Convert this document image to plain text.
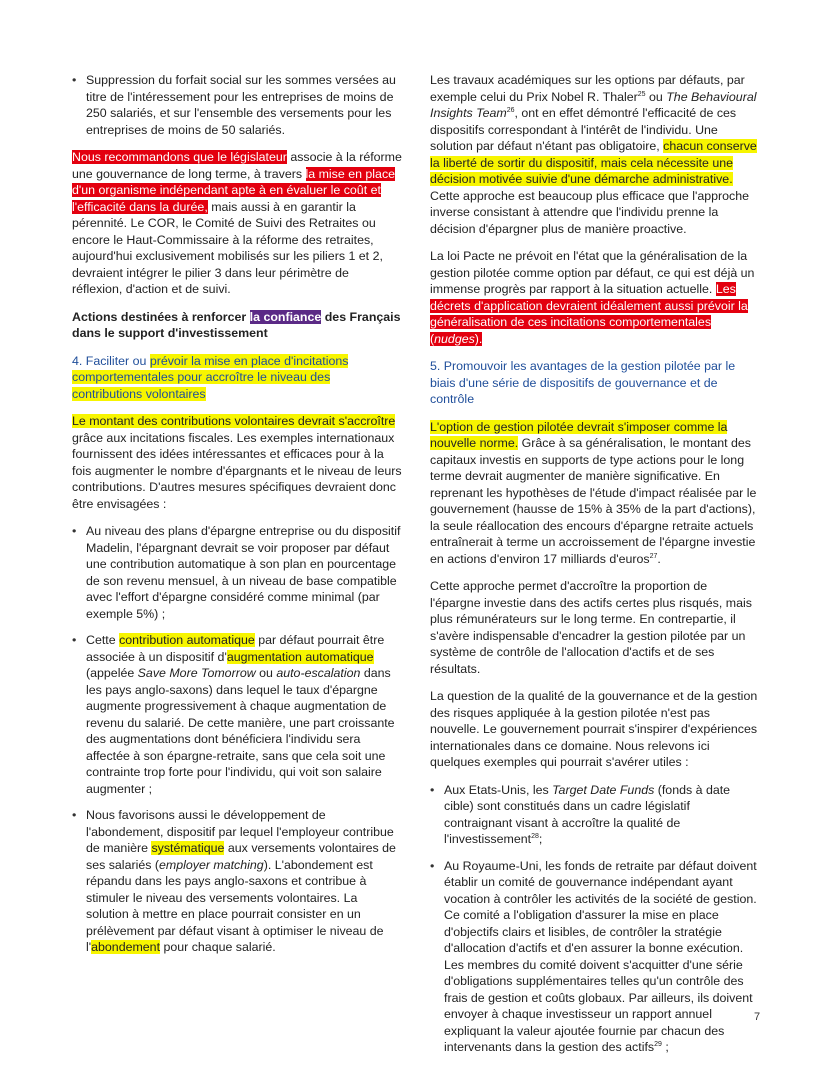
• Suppression du forfait social sur les sommes versées au titre de l'intéressement pour les entreprises de moins de 250 salariés, et sur l'ensemble des versements pour les entreprises de moins de 50 salariés.

Nous recommandons que le législateur associe à la réforme une gouvernance de long terme, à travers la mise en place d'un organisme indépendant apte à en évaluer le coût et l'efficacité dans la durée, mais aussi à en garantir la pérennité. Le COR, le Comité de Suivi des Retraites ou encore le Haut-Commissaire à la réforme des retraites, aujourd'hui exclusivement mobilisés sur les piliers 1 et 2, devraient intégrer le pilier 3 dans leur périmètre de réflexion, d'action et de suivi.

Actions destinées à renforcer la confiance des Français dans le support d'investissement

4. Faciliter ou prévoir la mise en place d'incitations comportementales pour accroître le niveau des contributions volontaires

Le montant des contributions volontaires devrait s'accroître grâce aux incitations fiscales. Les exemples internationaux fournissent des idées intéressantes et efficaces pour à la fois augmenter le nombre d'épargnants et le niveau de leurs contributions. D'autres mesures spécifiques devraient donc être envisagées :

• Au niveau des plans d'épargne entreprise ou du dispositif Madelin, l'épargnant devrait se voir proposer par défaut une contribution automatique à son plan en pourcentage de son revenu mensuel, à un niveau de base compatible avec l'effort d'épargne considéré comme minimal (par exemple 5%) ;
• Cette contribution automatique par défaut pourrait être associée à un dispositif d'augmentation automatique (appelée Save More Tomorrow ou auto-escalation dans les pays anglo-saxons) dans lequel le taux d'épargne augmente progressivement à chaque augmentation de revenu du salarié. De cette manière, une part croissante des augmentations dont bénéficiera l'individu sera affectée à son épargne-retraite, sans que cela soit une contrainte trop forte pour l'individu, qui voit son salaire augmenter ;
• Nous favorisons aussi le développement de l'abondement, dispositif par lequel l'employeur contribue de manière systématique aux versements volontaires de ses salariés (employer matching). L'abondement est répandu dans les pays anglo-saxons et contribue à stimuler le niveau des versements volontaires. La solution à mettre en place pourrait consister en un prélèvement par défaut visant à optimiser le niveau de l'abondement pour chaque salarié.

Les travaux académiques sur les options par défauts, par exemple celui du Prix Nobel R. Thaler$^{25}$ ou The Behavioural Insights Team$^{26}$, ont en effet démontré l'efficacité de ces dispositifs correspondant à l'intérêt de l'individu. Une solution par défaut n'étant pas obligatoire, chacun conserve la liberté de sortir du dispositif, mais cela nécessite une décision motivée suivie d'une démarche administrative. Cette approche est beaucoup plus efficace que l'approche inverse consistant à attendre que l'individu prenne la décision d'épargner plus de manière proactive.

La loi Pacte ne prévoit en l'état que la généralisation de la gestion pilotée comme option par défaut, ce qui est déjà un immense progrès par rapport à la situation actuelle. Les décrets d'application devraient idéalement aussi prévoir la généralisation de ces incitations comportementales (nudges).

5. Promouvoir les avantages de la gestion pilotée par le biais d'une série de dispositifs de gouvernance et de contrôle

L'option de gestion pilotée devrait s'imposer comme la nouvelle norme. Grâce à sa généralisation, le montant des capitaux investis en supports de type actions pour le long terme devrait augmenter de manière significative. En reprenant les hypothèses de l'étude d'impact réalisée par le gouvernement (hausse de 15% à 35% de la part d'actions), la seule réallocation des encours d'épargne retraite actuels entraînerait à terme un accroissement de l'épargne investie en actions d'environ 17 milliards d'euros$^{27}$.

Cette approche permet d'accroître la proportion de l'épargne investie dans des actifs certes plus risqués, mais plus rémunérateurs sur le long terme. En contrepartie, il s'avère indispensable d'encadrer la gestion pilotée par un système de contrôle de l'allocation d'actifs et de ses résultats.

La question de la qualité de la gouvernance et de la gestion des risques appliquée à la gestion pilotée n'est pas nouvelle. Le gouvernement pourrait s'inspirer d'expériences internationales dans ce domaine. Nous relevons ici quelques exemples qui pourrait s'avérer utiles :

• Aux Etats-Unis, les Target Date Funds (fonds à date cible) sont constitués dans un cadre législatif contraignant visant à accroître la qualité de l'investissement$^{28}$;
• Au Royaume-Uni, les fonds de retraite par défaut doivent établir un comité de gouvernance indépendant ayant vocation à contrôler les activités de la société de gestion. Ce comité a l'obligation d'assurer la mise en place d'objectifs clairs et lisibles, de contrôler la stratégie d'allocation d'actifs et d'en assurer la bonne exécution. Les membres du comité doivent s'acquitter d'une série d'obligations supplémentaires telles qu'un contrôle des frais de gestion et coûts globaux. Par ailleurs, ils doivent envoyer à chaque investisseur un rapport annuel expliquant la valeur ajoutée fournie par chacun des intervenants dans la gestion des actifs$^{29}$ ;
7
